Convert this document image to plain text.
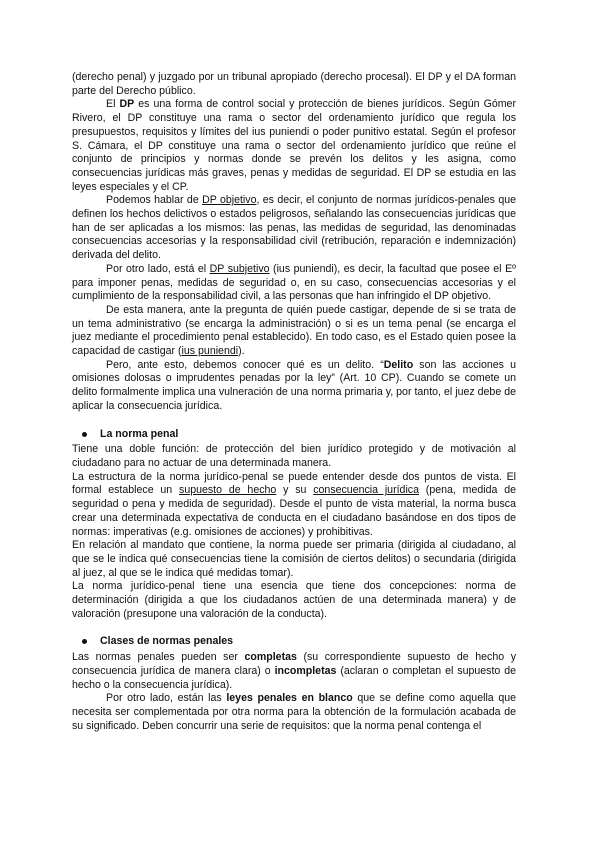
(derecho penal) y juzgado por un tribunal apropiado (derecho procesal). El DP y el DA forman parte del Derecho público.

El DP es una forma de control social y protección de bienes jurídicos. Según Gómer Rivero, el DP constituye una rama o sector del ordenamiento jurídico que regula los presupuestos, requisitos y límites del ius puniendi o poder punitivo estatal. Según el profesor S. Cámara, el DP constituye una rama o sector del ordenamiento jurídico que reúne el conjunto de principios y normas donde se prevén los delitos y les asigna, como consecuencias jurídicas más graves, penas y medidas de seguridad. El DP se estudia en las leyes especiales y el CP.

Podemos hablar de DP objetivo, es decir, el conjunto de normas jurídicos-penales que definen los hechos delictivos o estados peligrosos, señalando las consecuencias jurídicas que han de ser aplicadas a los mismos: las penas, las medidas de seguridad, las denominadas consecuencias accesorias y la responsabilidad civil (retribución, reparación e indemnización) derivada del delito.

Por otro lado, está el DP subjetivo (ius puniendi), es decir, la facultad que posee el Eº para imponer penas, medidas de seguridad o, en su caso, consecuencias accesorias y el cumplimiento de la responsabilidad civil, a las personas que han infringido el DP objetivo.

De esta manera, ante la pregunta de quién puede castigar, depende de si se trata de un tema administrativo (se encarga la administración) o si es un tema penal (se encarga el juez mediante el procedimiento penal establecido). En todo caso, es el Estado quien posee la capacidad de castigar (ius puniendi).

Pero, ante esto, debemos conocer qué es un delito. “Delito son las acciones u omisiones dolosas o imprudentes penadas por la ley” (Art. 10 CP). Cuando se comete un delito formalmente implica una vulneración de una norma primaria y, por tanto, el juez debe de aplicar la consecuencia jurídica.

La norma penal

Tiene una doble función: de protección del bien jurídico protegido y de motivación al ciudadano para no actuar de una determinada manera.

La estructura de la norma jurídico-penal se puede entender desde dos puntos de vista. El formal establece un supuesto de hecho y su consecuencia jurídica (pena, medida de seguridad o pena y medida de seguridad). Desde el punto de vista material, la norma busca crear una determinada expectativa de conducta en el ciudadano basándose en dos tipos de normas: imperativas (e.g. omisiones de acciones) y prohibitivas.

En relación al mandato que contiene, la norma puede ser primaria (dirigida al ciudadano, al que se le indica qué consecuencias tiene la comisión de ciertos delitos) o secundaria (dirigida al juez, al que se le indica qué medidas tomar).

La norma jurídico-penal tiene una esencia que tiene dos concepciones: norma de determinación (dirigida a que los ciudadanos actúen de una determinada manera) y de valoración (presupone una valoración de la conducta).

Clases de normas penales

Las normas penales pueden ser completas (su correspondiente supuesto de hecho y consecuencia jurídica de manera clara) o incompletas (aclaran o completan el supuesto de hecho o la consecuencia jurídica).

Por otro lado, están las leyes penales en blanco que se define como aquella que necesita ser complementada por otra norma para la obtención de la formulación acabada de su significado. Deben concurrir una serie de requisitos: que la norma penal contenga el
